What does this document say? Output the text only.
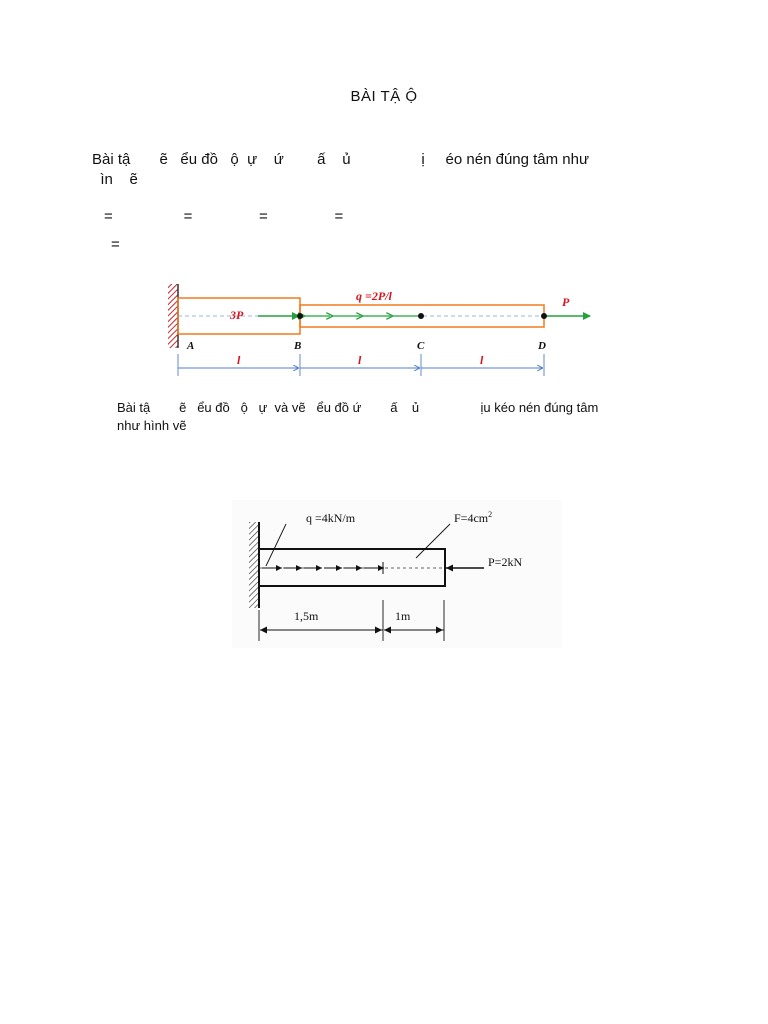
BÀI TẬ Ộ
Bài tậ       ẽ   ểu đồ   ộ  ự    ứ        ấ    ủ                 ị     éo nén đúng tâm như
ìn    ẽ
=                 =                =                =
=
3P
q =2P/l	P
A	B	C	D
l	l	l
Bài tậ        ẽ   ểu đồ   ộ   ự  và vẽ   ểu đồ ứ        ấ    ủ                 ịu kéo nén đúng tâm
như hình vẽ
q =4kN/m	$F=4cm^2$
P=2kN
1,5m	1m
